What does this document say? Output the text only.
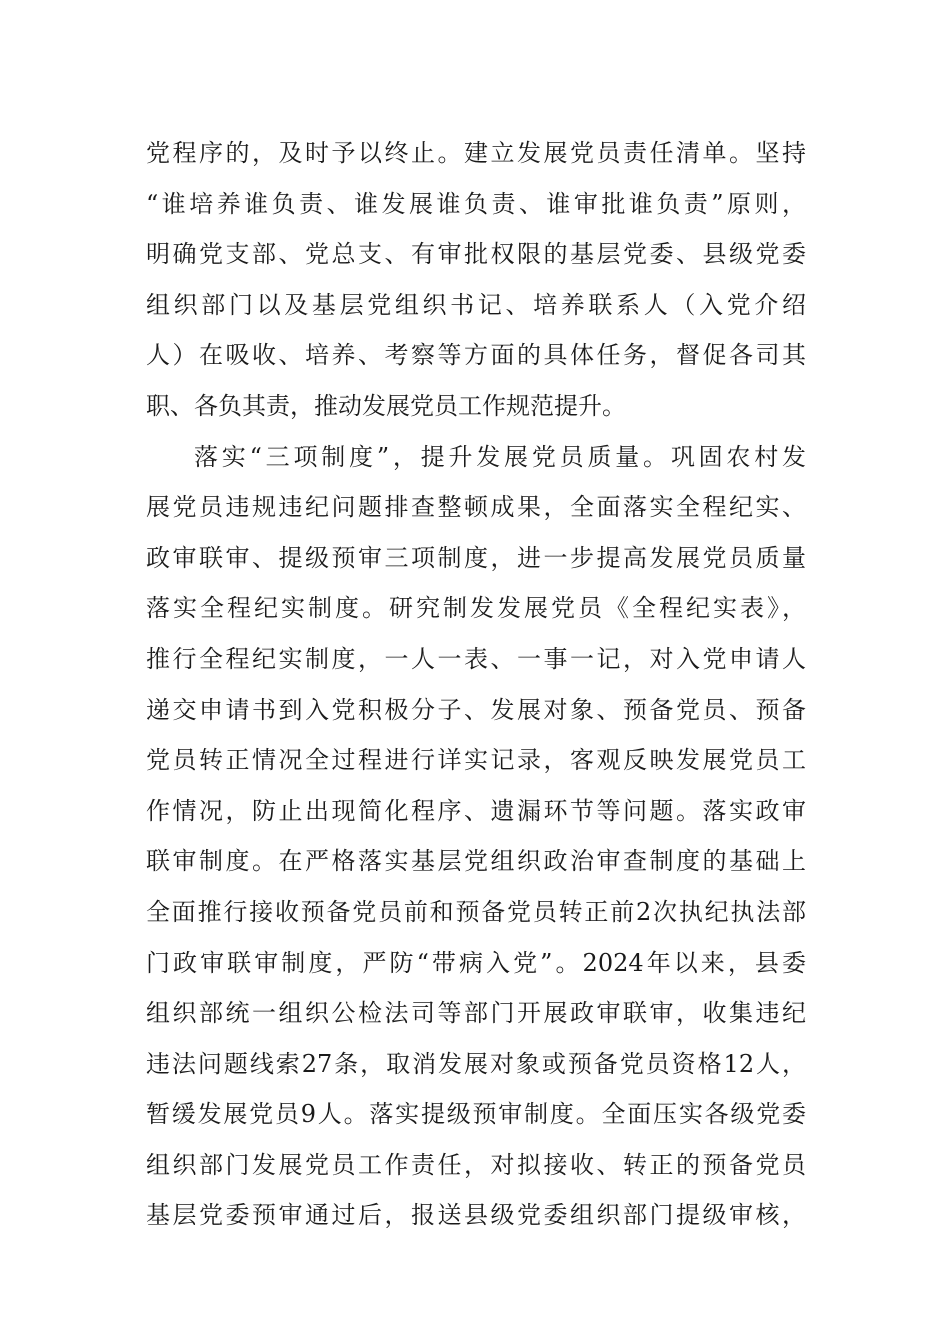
党程序的，及时予以终止。建立发展党员责任清单。坚持
“谁培养谁负责、谁发展谁负责、谁审批谁负责”原则，
明确党支部、党总支、有审批权限的基层党委、县级党委
组织部门以及基层党组织书记、培养联系人（入党介绍
人）在吸收、培养、考察等方面的具体任务，督促各司其
职、各负其责，推动发展党员工作规范提升。
落实“三项制度”，提升发展党员质量。巩固农村发
展党员违规违纪问题排查整顿成果，全面落实全程纪实、
政审联审、提级预审三项制度，进一步提高发展党员质量
落实全程纪实制度。研究制发发展党员《全程纪实表》，
推行全程纪实制度，一人一表、一事一记，对入党申请人
递交申请书到入党积极分子、发展对象、预备党员、预备
党员转正情况全过程进行详实记录，客观反映发展党员工
作情况，防止出现简化程序、遗漏环节等问题。落实政审
联审制度。在严格落实基层党组织政治审查制度的基础上
全面推行接收预备党员前和预备党员转正前2次执纪执法部
门政审联审制度，严防“带病入党”。2024年以来，县委
组织部统一组织公检法司等部门开展政审联审，收集违纪
违法问题线索27条，取消发展对象或预备党员资格12人，
暂缓发展党员9人。落实提级预审制度。全面压实各级党委
组织部门发展党员工作责任，对拟接收、转正的预备党员
基层党委预审通过后，报送县级党委组织部门提级审核，
